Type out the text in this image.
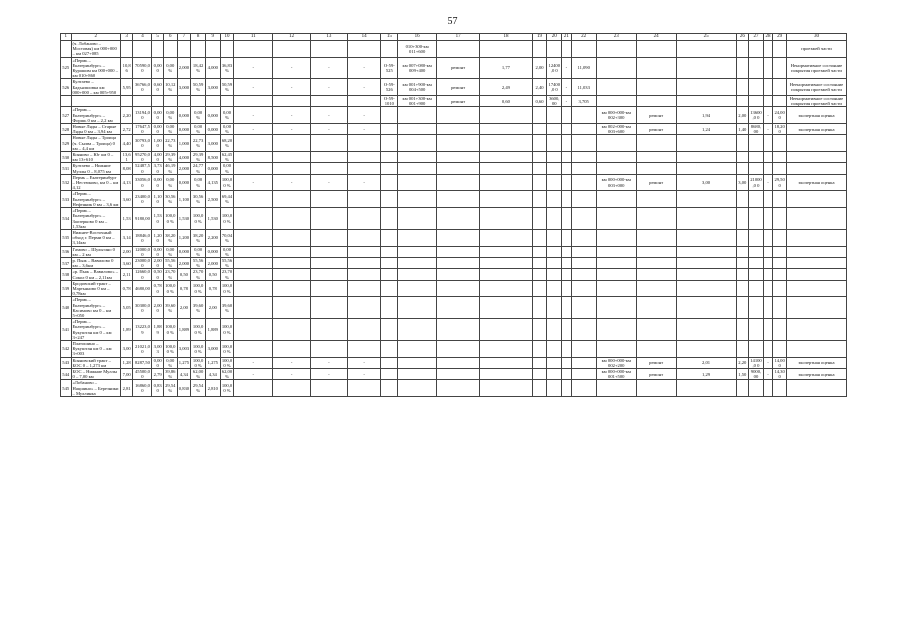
57
1	2	3	4	5	6	7	8	9	10	11	12	13	14	15	16	17	18	19	20	21	22	23	24	25	26	27	28	29	30
	(ч. Лобаново – Мостовая) км 000+000 – км 027+085														010+300-км 011+600														проезжей части
525	«Пермь – Екатеринбург» – Курашим км 000+000 – км 010+860	10,86	70590,0 0	0,00 0	0,00%	2,000	18,42 %	4,000	36,83 %	-	-	-	-	О-59-525	км 007+080-км 009+400	ремонт	1,77	2,00	12400,0 0	-	11,090								Ненормативное состояние покрытия проезжей части
526	Култаево – Бадьялшовка км 000+000 – км 005+950	5,95	36766,0 0	0,60 0	10,12 %	3,000	50,59 %	3,000	50,59 %	-	-	-	-	О-59-526	км 001+900-км 004+500	ремонт	2,49	2,40	17400,0 0	-	11,033								Неенормативное состояние покрытия проезжей части
														О-59-1010	км 001+300-км 001+900	ремонт	0,60	0,60	3600,00	-	3,705								Неенормативное состояние покрытия проезжей части
527	«Пермь – Екатеринбург» – Форшь 0 км – 2,2 км	2,20	13194,0 0	0,00 0	0,00%	0,000	0,00%	0,000	0,00%	-	-	-	-									км 000+000-км 002+300	ремонт	1,94	2,00	13600,0 0	-	24,000	экспертная оценка
528	Новые Ляды – Старые Ляды 0 км – 3,94 км	2,72	17647,5 0	0,00 0	0,00%	0,000	0,00%	0,000	0,00%	-	-	-	-									км 002+000-км 003+600	ремонт	1,24	1,40	8680,00	-	18,200	экспертная оценка
529	Новые Ляды – Троица (ч. Сылва – Троица) 0 км – 4,4 км	4,40	30793,0 0	1,00 0	22,73 %	1,000	22,73 %	3,000	68,20 %																				
530	Кояново – Юг км 0 – км 13+610	13,61	95270,0 0	4,00 0	29,39 %	4,000	29,39 %	8,500	62,45 %																				
531	Култаево – Нижние Муллы 0 – 8,075 км	8,08	52487,5 0	3,73 0	46,19 %	2,000	24,77 %	0,000	0,00%																				
532	Пермь – Екатеринбург – Нестюково, км 0 – км 4,12	4,13	33056,0 0	0,00 0	0,00%	0,000	0,00%	4,135	100,00 %	-	-	-	-									км 000+000-км 003+000	ремонт	3,00	3,00	21000,0 0	-	29,500	экспертная оценка
533	«Пермь – Екатеринбург» – Нефтяник 0 км – 3,6 км	3,60	23400,0 0	1,10 0	30,56 %	1,100	30,56 %	2,500	69,44 %																				
534	«Пермь – Екатеринбург» – Заозерково 0 км – 1,53км	1,53	9180,00	1,53 0	100,00 %	1,530	100,00 %	1,530	100,00 %																				
535	Нижнее-Восточный обход г. Перми 0 км – 3,14км	3,14	18846,0 0	1,20 0	38,20 %	1,200	38,20 %	2,200	70,04 %																				
536	Гамово – Шульгино 0 км – 2 км	2,00	12000,0 0	0,00 0	0,00%	0,000	0,00%	0,000	0,00%																				
537	р. Пыж – Вавилово 0 км – 3,6км	3,60	23000,0 0	2,00 0	55,56 %	2,000	55,56 %	2,000	55,56 %																				
538	«р. Пыж – Вавилово» – Сокол 0 км – 2,11км	2,11	12660,0 0	0,50 0	23,70 %	0,50	23,70 %	0,50	23,70 %																				
539	Бродовский тракт – Мартьяново 0 км – 0,78км	0,78	4680,00	0,78 0	100,00 %	0,78	100,00 %	0,78	100,00 %																				
540	«Пермь – Екатеринбург» – Касимово км 0 – км 5+050	5,05	30300,0 0	2,00 0	39,60 %	2,00	39,60 %	2,00	39,60 %																				
541	«Пермь – Екатеринбург» – Кукуштан км 0 – км 3+247	1,89	13223,0 9	1,88 9	100,00 %	1,889	100,00 %	1,889	100,00 %																				
542	Платошино – Кукуштан км 0 – км 3+003	3,00	21021,0 0	3,00 3	100,00 %	3,003	100,00 %	3,000	100,00 %																				
543	Кояновский тракт – БОС 0 – 1,273 км	1,28	8287,50	0,00 0	0,00%	1,275	100,00 %	1,275	100,00 %	-	-	-	-									км 000+000-км 002+200	ремонт	2,01	2,20	14100,0 0	-	14,000	экспертная оценка
544	БОС – Нижние Муллы 0 – 7,00 км	7,00	45500,0 0	2,79	39,86 %	4,34	62,00 %	4,34	62,00 %	-	-	-	-									км 000+000-км 001+500	ремонт	1,29	1,50	9000,00	-	14,300	экспертная оценка
545	«Лобаново – Нацшино» – Березники – Муллинка	2,81	16860,0 0	0,83 0	29,54 %	0,830	29,54 %	2,810	100,00 %																				
